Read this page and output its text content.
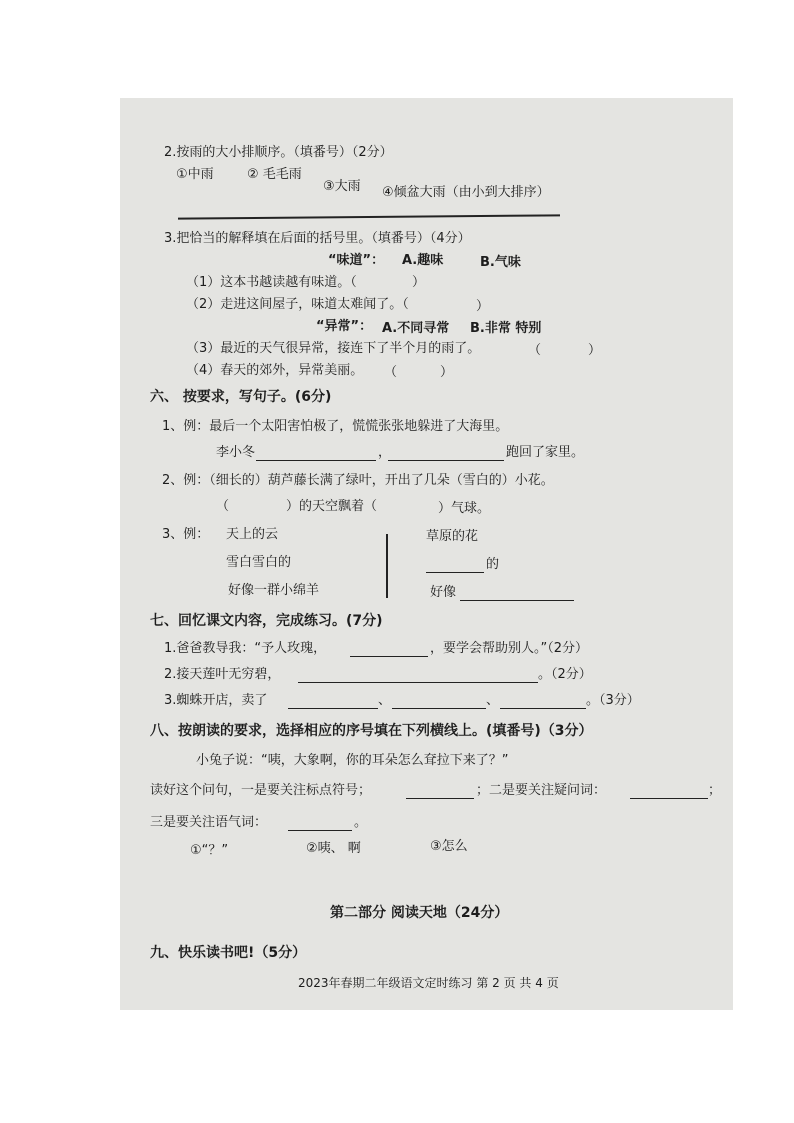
2.按雨的大小排顺序。（填番号）（2分）
①中雨	② 毛毛雨
③大雨 ④倾盆大雨（由小到大排序）
3.把恰当的解释填在后面的括号里。（填番号）（4分）
“味道”： A.趣味	B.气味
（1）这本书越读越有味道。（	）
（2）走进这间屋子，味道太难闻了。（	）
“异常”： A.不同寻常 B.非常 特别
（3）最近的天气很异常，接连下了半个月的雨了。	（	）
（4）春天的郊外，异常美丽。 （	）
六、 按要求，写句子。(6分)
1、例：最后一个太阳害怕极了，慌慌张张地躲进了大海里。
李小冬	，	跑回了家里。
2、例：（细长的）葫芦藤长满了绿叶，开出了几朵（雪白的）小花。
（	）的天空飘着（	）气球。
3、例： 天上的云
雪白雪白的
好像一群小绵羊
草原的花
的
好像
七、回忆课文内容，完成练习。(7分)
1.爸爸教导我：“予人玫瑰，	，要学会帮助别人。”（2分）
2.接天莲叶无穷碧，	。（2分）
3.蜘蛛开店，卖了	、	、	。（3分）
八、按朗读的要求，选择相应的序号填在下列横线上。(填番号)（3分）
小兔子说：“咦，大象啊，你的耳朵怎么耷拉下来了？”
读好这个问句，一是要关注标点符号；	；二是要关注疑问词：	；
三是要关注语气词：	。
①“？”	②咦、 啊	③怎么
第二部分 阅读天地（24分）
九、快乐读书吧!（5分）
2023年春期二年级语文定时练习 第 2 页 共 4 页
